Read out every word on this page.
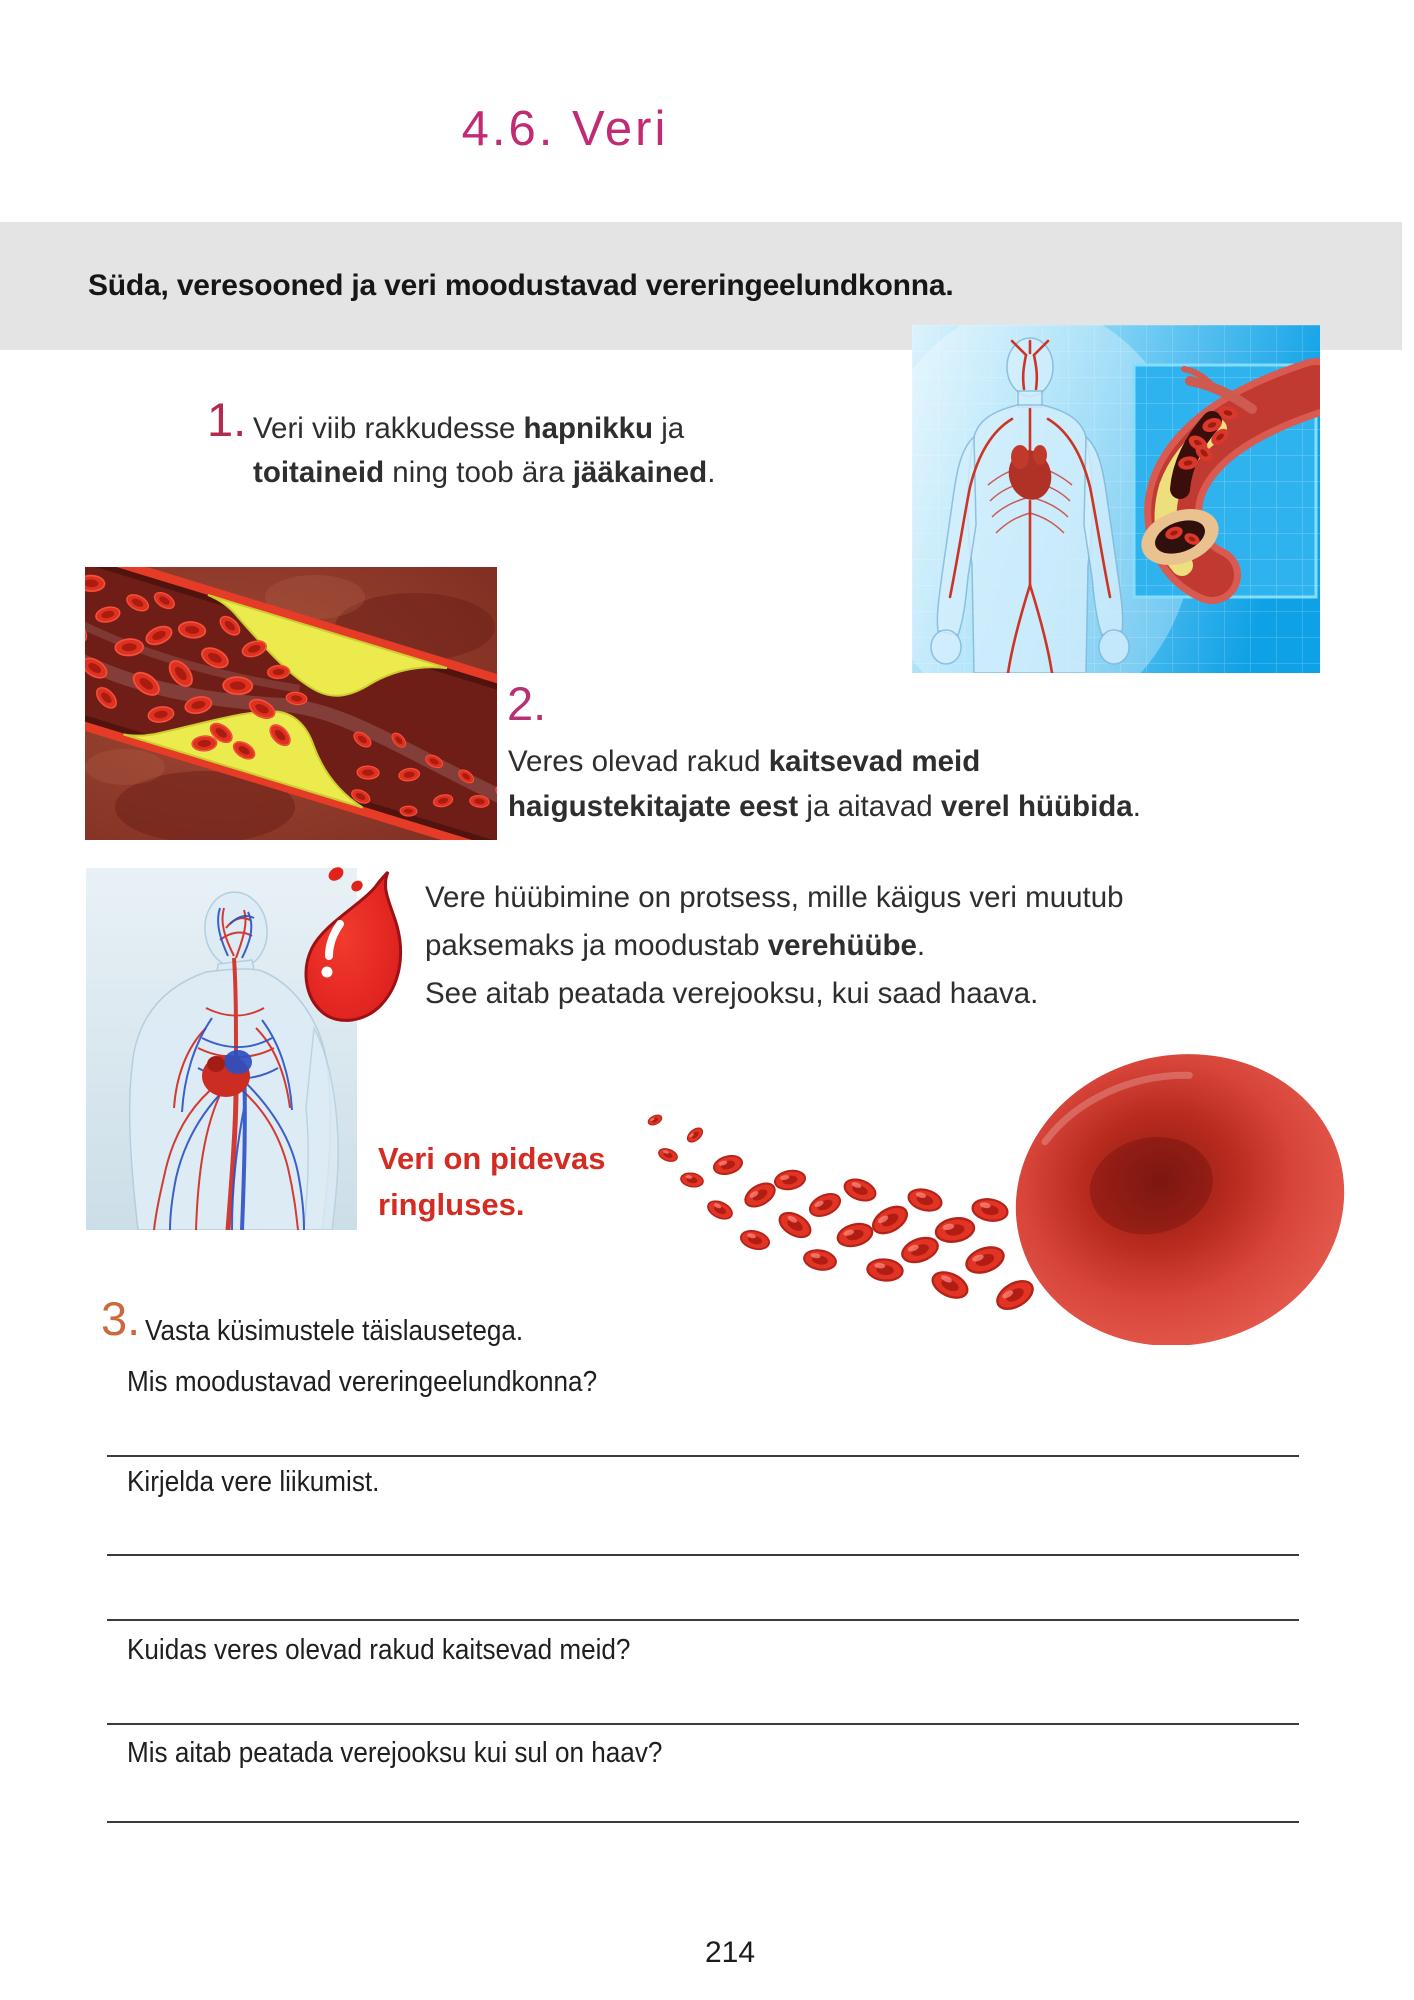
4.6. Veri

Süda, veresooned ja veri moodustavad vereringeelundkonna.

1. Veri viib rakkudesse hapnikku ja
toitaineid ning toob ära jääkained.

2.

Veres olevad rakud kaitsevad meid
haigustekitajate eest ja aitavad verel hüübida.

Vere hüübimine on protsess, mille käigus veri muutub
paksemaks ja moodustab verehüübe.
See aitab peatada verejooksu, kui saad haava.

Veri on pidevas
ringluses.

3. Vasta küsimustele täislausetega.

Mis moodustavad vereringeelundkonna?

Kirjelda vere liikumist.

Kuidas veres olevad rakud kaitsevad meid?

Mis aitab peatada verejooksu kui sul on haav?

214
